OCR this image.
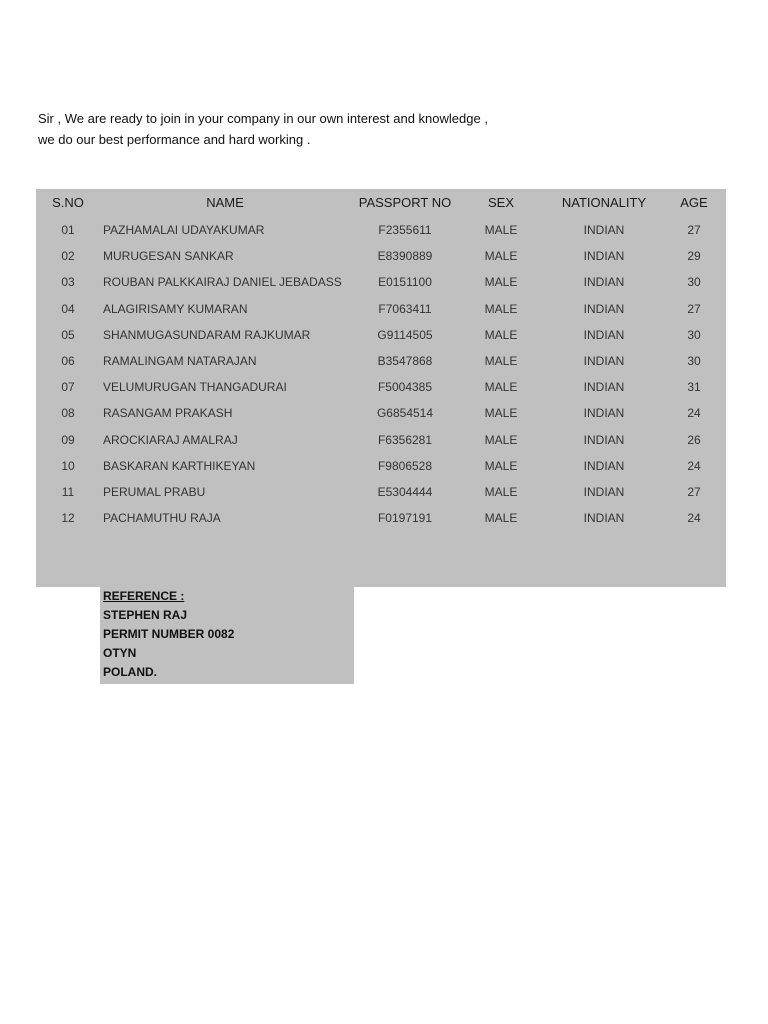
Sir , We are ready to join in your company in our own interest and knowledge ,

we do our best performance and hard working .

S.NO	NAME	PASSPORT NO	SEX	NATIONALITY	AGE
01	PAZHAMALAI UDAYAKUMAR	F2355611	MALE	INDIAN	27
02	MURUGESAN SANKAR	E8390889	MALE	INDIAN	29
03	ROUBAN PALKKAIRAJ DANIEL JEBADASS	E0151100	MALE	INDIAN	30
04	ALAGIRISAMY KUMARAN	F7063411	MALE	INDIAN	27
05	SHANMUGASUNDARAM RAJKUMAR	G9114505	MALE	INDIAN	30
06	RAMALINGAM NATARAJAN	B3547868	MALE	INDIAN	30
07	VELUMURUGAN THANGADURAI	F5004385	MALE	INDIAN	31
08	RASANGAM PRAKASH	G6854514	MALE	INDIAN	24
09	AROCKIARAJ AMALRAJ	F6356281	MALE	INDIAN	26
10	BASKARAN KARTHIKEYAN	F9806528	MALE	INDIAN	24
11	PERUMAL PRABU	E5304444	MALE	INDIAN	27
12	PACHAMUTHU RAJA	F0197191	MALE	INDIAN	24
REFERENCE :
STEPHEN RAJ
PERMIT NUMBER 0082
OTYN
POLAND.
